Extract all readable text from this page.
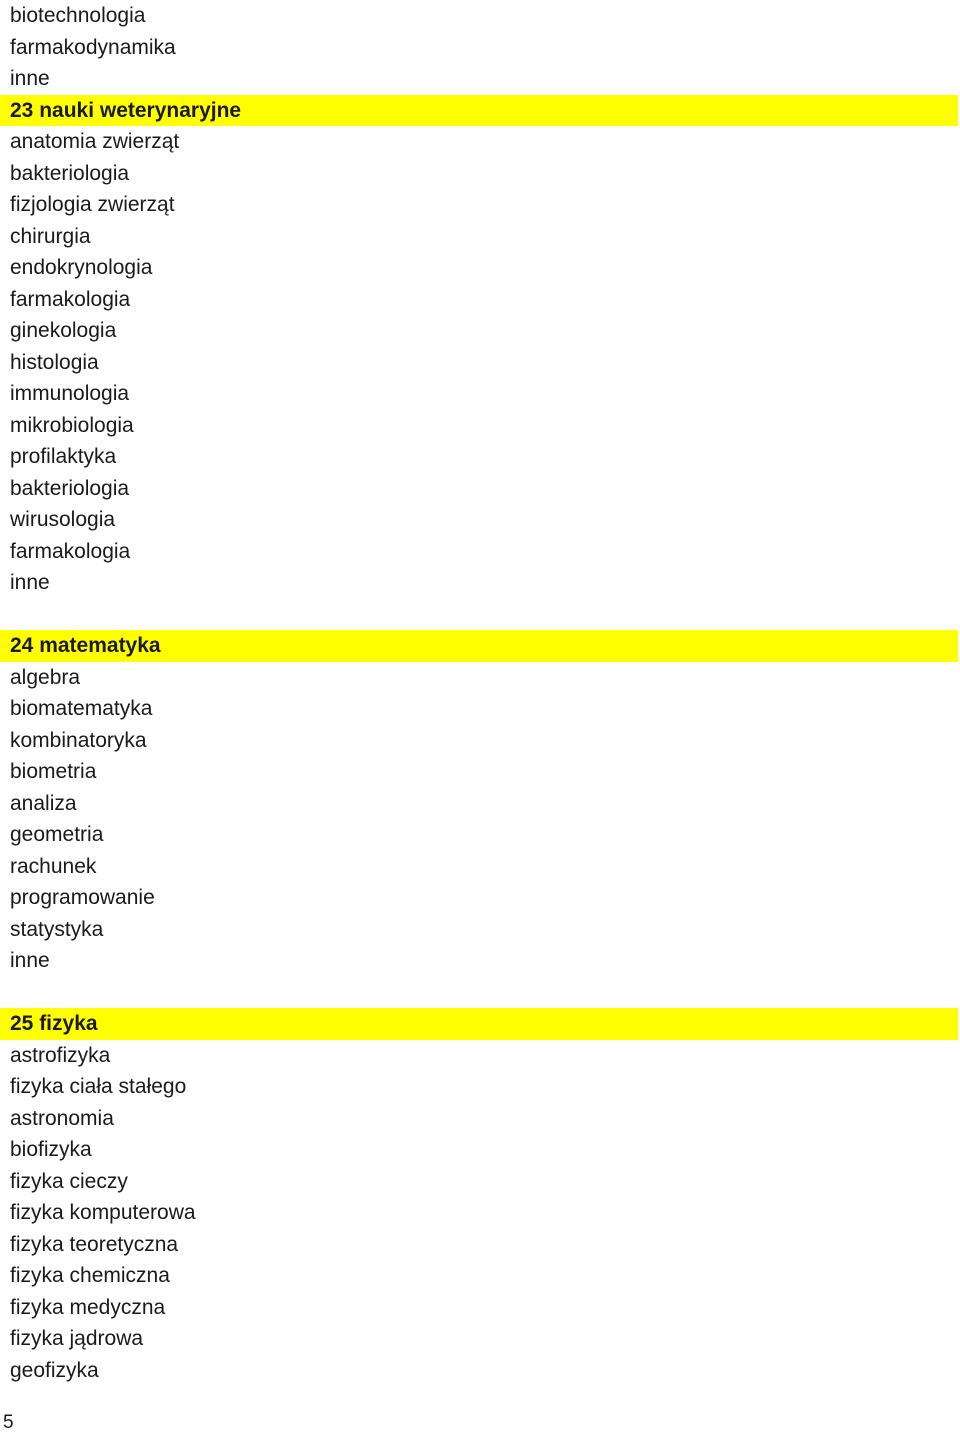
biotechnologia
farmakodynamika
inne
23 nauki weterynaryjne
anatomia zwierząt
bakteriologia
fizjologia zwierząt
chirurgia
endokrynologia
farmakologia
ginekologia
histologia
immunologia
mikrobiologia
profilaktyka
bakteriologia
wirusologia
farmakologia
inne
24 matematyka
algebra
biomatematyka
kombinatoryka
biometria
analiza
geometria
rachunek
programowanie
statystyka
inne
25 fizyka
astrofizyka
fizyka ciała stałego
astronomia
biofizyka
fizyka cieczy
fizyka komputerowa
fizyka teoretyczna
fizyka chemiczna
fizyka medyczna
fizyka jądrowa
geofizyka
5
